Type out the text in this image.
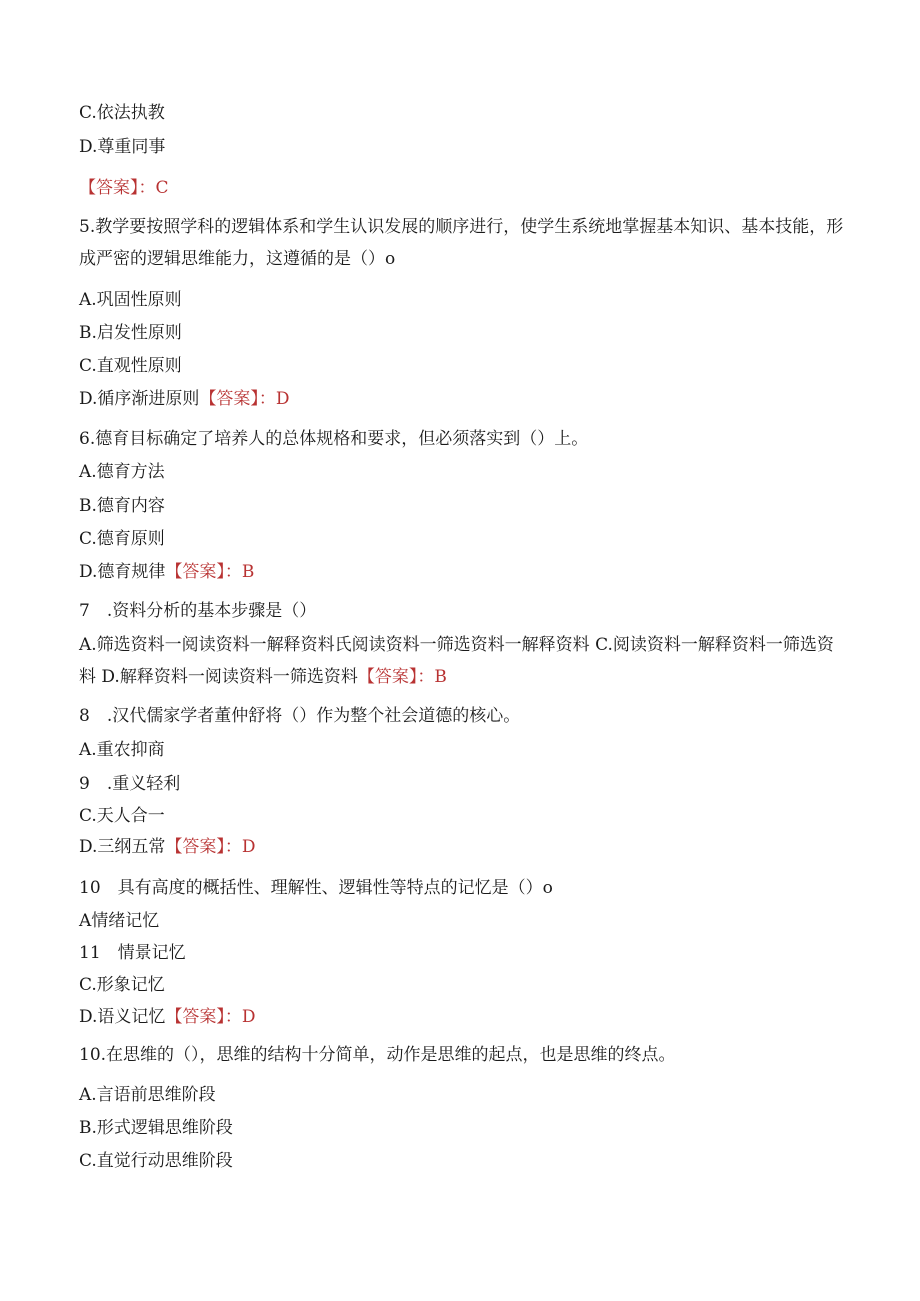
C.依法执教
D.尊重同事
【答案】：C
5.教学要按照学科的逻辑体系和学生认识发展的顺序进行，使学生系统地掌握基本知识、基本技能，形成严密的逻辑思维能力，这遵循的是（）o
A.巩固性原则
B.启发性原则
C.直观性原则
D.循序渐进原则【答案】：D
6.德育目标确定了培养人的总体规格和要求，但必须落实到（）上。
A.德育方法
B.德育内容
C.德育原则
D.德育规律【答案】：B
7　.资料分析的基本步骤是（）
A.筛选资料一阅读资料一解释资料氏阅读资料一筛选资料一解释资料 C.阅读资料一解释资料一筛选资料 D.解释资料一阅读资料一筛选资料【答案】：B
8　.汉代儒家学者董仲舒将（）作为整个社会道德的核心。
A.重农抑商
9　.重义轻利
C.天人合一
D.三纲五常【答案】：D
10　具有高度的概括性、理解性、逻辑性等特点的记忆是（）o
A情绪记忆
11　情景记忆
C.形象记忆
D.语义记忆【答案】：D
10.在思维的（），思维的结构十分简单，动作是思维的起点，也是思维的终点。
A.言语前思维阶段
B.形式逻辑思维阶段
C.直觉行动思维阶段
